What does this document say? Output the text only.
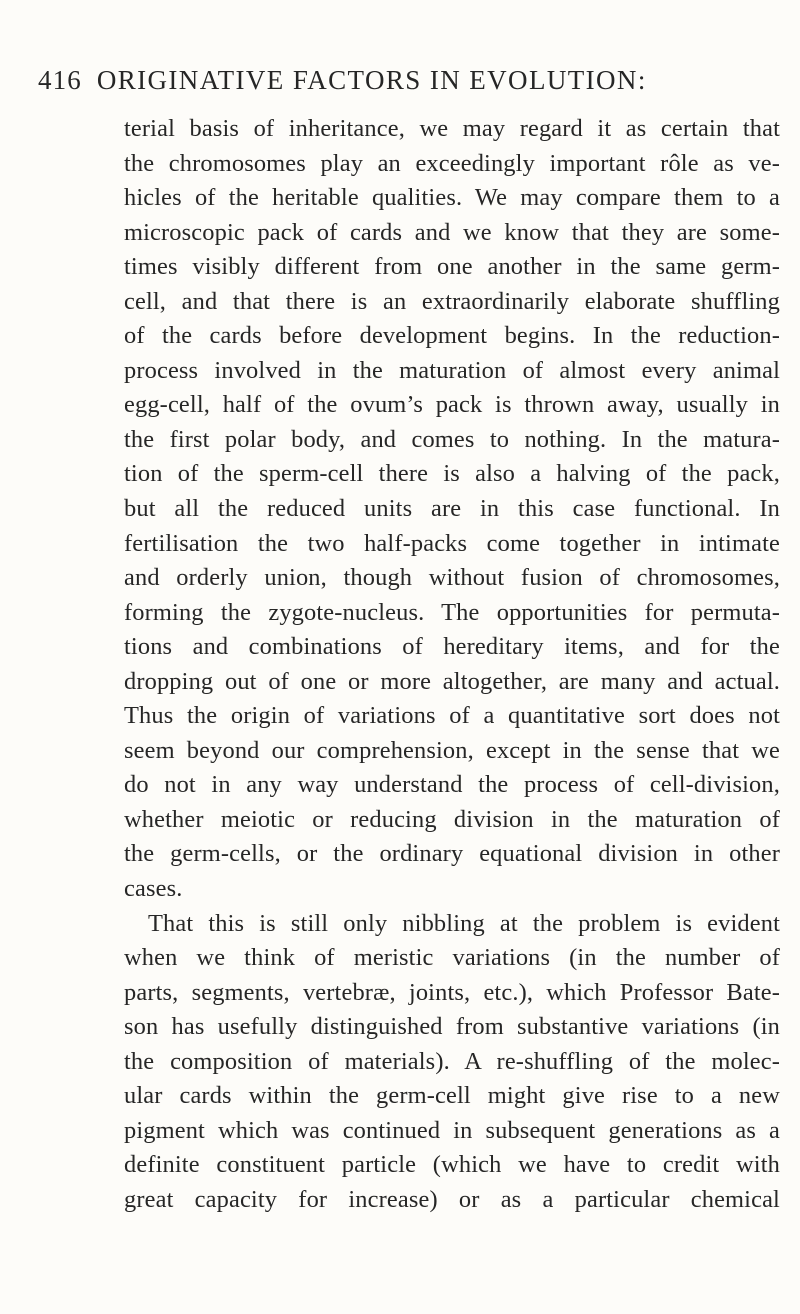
416 ORIGINATIVE FACTORS IN EVOLUTION:
terial basis of inheritance, we may regard it as certain that
the chromosomes play an exceedingly important rôle as ve-
hicles of the heritable qualities. We may compare them to a
microscopic pack of cards and we know that they are some-
times visibly different from one another in the same germ-
cell, and that there is an extraordinarily elaborate shuffling
of the cards before development begins. In the reduction-
process involved in the maturation of almost every animal
egg-cell, half of the ovum’s pack is thrown away, usually in
the first polar body, and comes to nothing. In the matura-
tion of the sperm-cell there is also a halving of the pack,
but all the reduced units are in this case functional. In
fertilisation the two half-packs come together in intimate
and orderly union, though without fusion of chromosomes,
forming the zygote-nucleus. The opportunities for permuta-
tions and combinations of hereditary items, and for the
dropping out of one or more altogether, are many and actual.
Thus the origin of variations of a quantitative sort does not
seem beyond our comprehension, except in the sense that we
do not in any way understand the process of cell-division,
whether meiotic or reducing division in the maturation of
the germ-cells, or the ordinary equational division in other
cases.
That this is still only nibbling at the problem is evident
when we think of meristic variations (in the number of
parts, segments, vertebræ, joints, etc.), which Professor Bate-
son has usefully distinguished from substantive variations (in
the composition of materials). A re-shuffling of the molec-
ular cards within the germ-cell might give rise to a new
pigment which was continued in subsequent generations as a
definite constituent particle (which we have to credit with
great capacity for increase) or as a particular chemical
